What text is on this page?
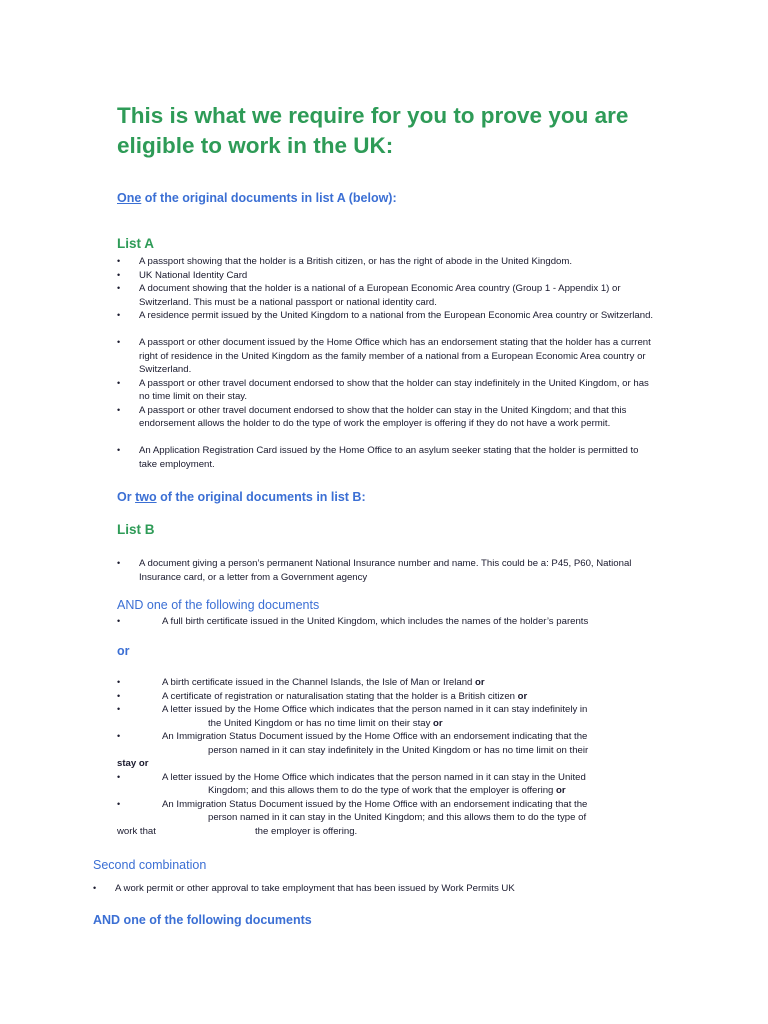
This is what we require for you to prove you are eligible to work in the UK:
One of the original documents in list A (below):
List A
• A passport showing that the holder is a British citizen, or has the right of abode in the United Kingdom.
• UK National Identity Card
• A document showing that the holder is a national of a European Economic Area country (Group 1 - Appendix 1) or Switzerland. This must be a national passport or national identity card.
• A residence permit issued by the United Kingdom to a national from the European Economic Area country or Switzerland.
• A passport or other document issued by the Home Office which has an endorsement stating that the holder has a current right of residence in the United Kingdom as the family member of a national from a European Economic Area country or Switzerland.
• A passport or other travel document endorsed to show that the holder can stay indefinitely in the United Kingdom, or has no time limit on their stay.
• A passport or other travel document endorsed to show that the holder can stay in the United Kingdom; and that this endorsement allows the holder to do the type of work the employer is offering if they do not have a work permit.
• An Application Registration Card issued by the Home Office to an asylum seeker stating that the holder is permitted to take employment.
Or two of the original documents in list B:
List B
• A document giving a person’s permanent National Insurance number and name. This could be a: P45, P60, National Insurance card, or a letter from a Government agency
AND one of the following documents
•	A full birth certificate issued in the United Kingdom, which includes the names of the holder’s parents
or
•	A birth certificate issued in the Channel Islands, the Isle of Man or Ireland or
•	A certificate of registration or naturalisation stating that the holder is a British citizen or
•	A letter issued by the Home Office which indicates that the person named in it can stay indefinitely in
the United Kingdom or has no time limit on their stay or
•	An Immigration Status Document issued by the Home Office with an endorsement indicating that the
person named in it can stay indefinitely in the United Kingdom or has no time limit on their
stay or
•	A letter issued by the Home Office which indicates that the person named in it can stay in the United
Kingdom; and this allows them to do the type of work that the employer is offering or
•	An Immigration Status Document issued by the Home Office with an endorsement indicating that the
person named in it can stay in the United Kingdom; and this allows them to do the type of
work that	the employer is offering.
Second combination
• A work permit or other approval to take employment that has been issued by Work Permits UK
AND one of the following documents
